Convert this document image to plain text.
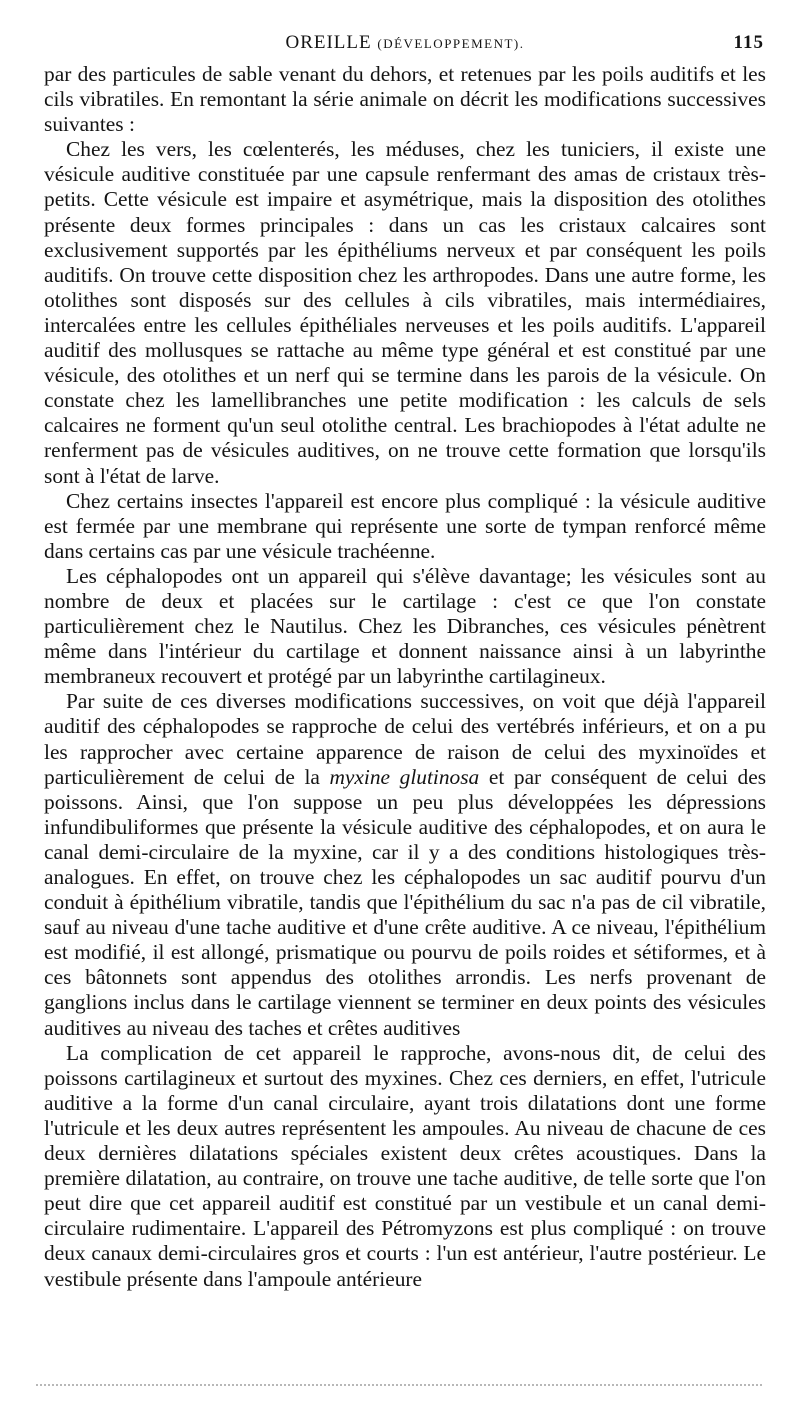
OREILLE (DÉVELOPPEMENT).	115

par des particules de sable venant du dehors, et retenues par les poils auditifs et les cils vibratiles. En remontant la série animale on décrit les modifications successives suivantes :

Chez les vers, les cœlenterés, les méduses, chez les tuniciers, il existe une vésicule auditive constituée par une capsule renfermant des amas de cristaux très-petits. Cette vésicule est impaire et asymétrique, mais la disposition des otolithes présente deux formes principales : dans un cas les cristaux calcaires sont exclusivement supportés par les épithéliums nerveux et par conséquent les poils auditifs. On trouve cette disposition chez les arthropodes. Dans une autre forme, les otolithes sont disposés sur des cellules à cils vibratiles, mais intermédiaires, intercalées entre les cellules épithéliales nerveuses et les poils auditifs. L'appareil auditif des mollusques se rattache au même type général et est constitué par une vésicule, des otolithes et un nerf qui se termine dans les parois de la vésicule. On constate chez les lamellibranches une petite modification : les calculs de sels calcaires ne forment qu'un seul otolithe central. Les brachiopodes à l'état adulte ne renferment pas de vésicules auditives, on ne trouve cette formation que lorsqu'ils sont à l'état de larve.

Chez certains insectes l'appareil est encore plus compliqué : la vésicule auditive est fermée par une membrane qui représente une sorte de tympan renforcé même dans certains cas par une vésicule trachéenne.

Les céphalopodes ont un appareil qui s'élève davantage; les vésicules sont au nombre de deux et placées sur le cartilage : c'est ce que l'on constate particulièrement chez le Nautilus. Chez les Dibranches, ces vésicules pénètrent même dans l'intérieur du cartilage et donnent naissance ainsi à un labyrinthe membraneux recouvert et protégé par un labyrinthe cartilagineux.

Par suite de ces diverses modifications successives, on voit que déjà l'appareil auditif des céphalopodes se rapproche de celui des vertébrés inférieurs, et on a pu les rapprocher avec certaine apparence de raison de celui des myxinoïdes et particulièrement de celui de la myxine glutinosa et par conséquent de celui des poissons. Ainsi, que l'on suppose un peu plus développées les dépressions infundibuliformes que présente la vésicule auditive des céphalopodes, et on aura le canal demi-circulaire de la myxine, car il y a des conditions histologiques très-analogues. En effet, on trouve chez les céphalopodes un sac auditif pourvu d'un conduit à épithélium vibratile, tandis que l'épithélium du sac n'a pas de cil vibratile, sauf au niveau d'une tache auditive et d'une crête auditive. A ce niveau, l'épithélium est modifié, il est allongé, prismatique ou pourvu de poils roides et sétiformes, et à ces bâtonnets sont appendus des otolithes arrondis. Les nerfs provenant de ganglions inclus dans le cartilage viennent se terminer en deux points des vésicules auditives au niveau des taches et crêtes auditives

La complication de cet appareil le rapproche, avons-nous dit, de celui des poissons cartilagineux et surtout des myxines. Chez ces derniers, en effet, l'utricule auditive a la forme d'un canal circulaire, ayant trois dilatations dont une forme l'utricule et les deux autres représentent les ampoules. Au niveau de chacune de ces deux dernières dilatations spéciales existent deux crêtes acoustiques. Dans la première dilatation, au contraire, on trouve une tache auditive, de telle sorte que l'on peut dire que cet appareil auditif est constitué par un vestibule et un canal demi-circulaire rudimentaire. L'appareil des Pétromyzons est plus compliqué : on trouve deux canaux demi-circulaires gros et courts : l'un est antérieur, l'autre postérieur. Le vestibule présente dans l'ampoule antérieure
